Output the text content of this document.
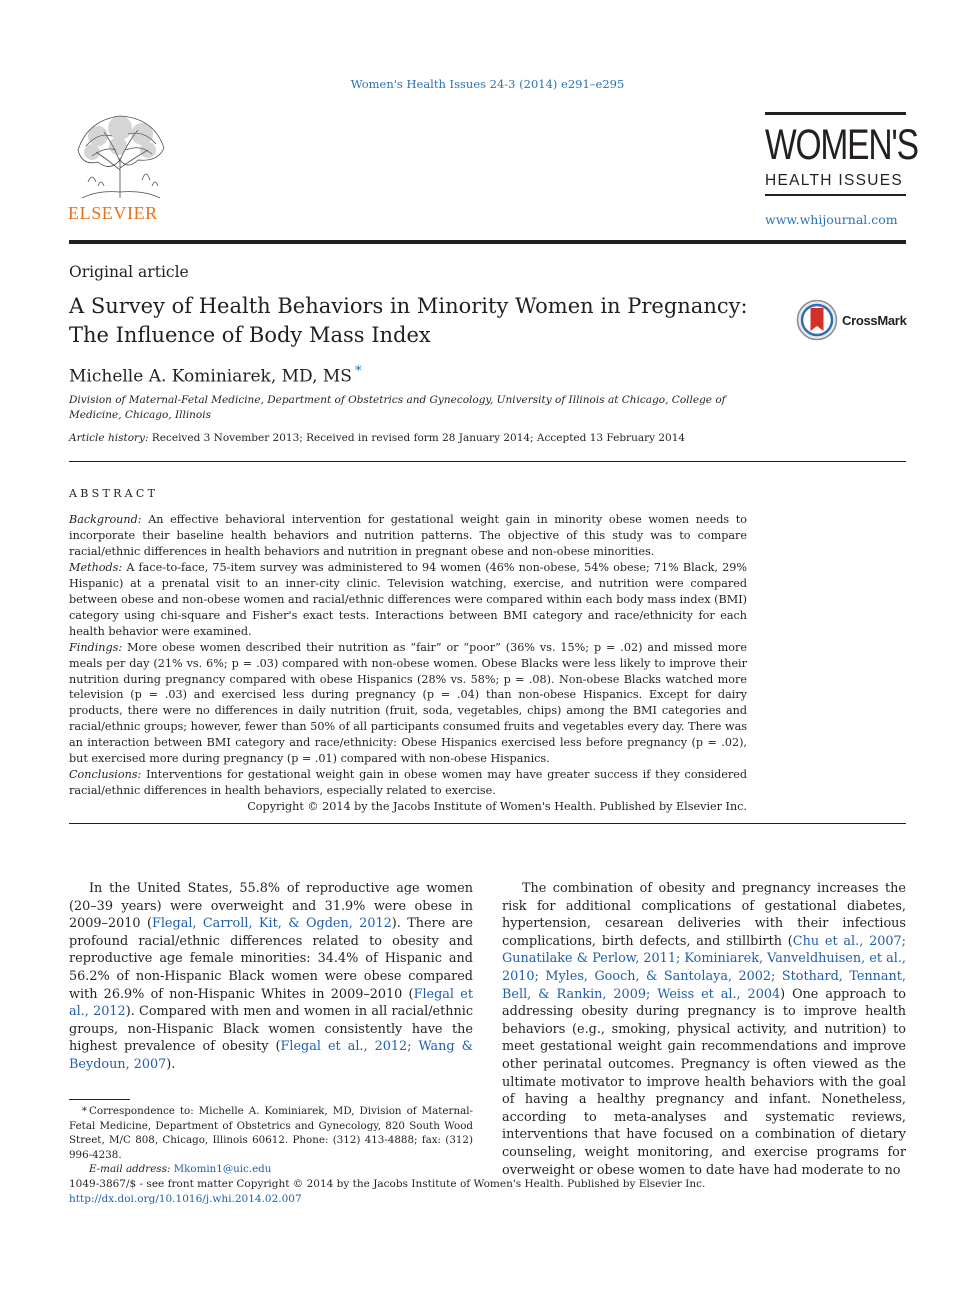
Women's Health Issues 24-3 (2014) e291–e295
ELSEVIER
WOMEN'S
HEALTH ISSUES
www.whijournal.com
Original article
A Survey of Health Behaviors in Minority Women in Pregnancy:
The Influence of Body Mass Index
CrossMark
Michelle A. Kominiarek, MD, MS *
Division of Maternal-Fetal Medicine, Department of Obstetrics and Gynecology, University of Illinois at Chicago, College of Medicine, Chicago, Illinois
Article history: Received 3 November 2013; Received in revised form 28 January 2014; Accepted 13 February 2014
ABSTRACT

Background: An effective behavioral intervention for gestational weight gain in minority obese women needs to incorporate their baseline health behaviors and nutrition patterns. The objective of this study was to compare racial/ethnic differences in health behaviors and nutrition in pregnant obese and non-obese minorities.

Methods: A face-to-face, 75-item survey was administered to 94 women (46% non-obese, 54% obese; 71% Black, 29% Hispanic) at a prenatal visit to an inner-city clinic. Television watching, exercise, and nutrition were compared between obese and non-obese women and racial/ethnic differences were compared within each body mass index (BMI) category using chi-square and Fisher's exact tests. Interactions between BMI category and race/ethnicity for each health behavior were examined.

Findings: More obese women described their nutrition as “fair” or “poor” (36% vs. 15%; p = .02) and missed more meals per day (21% vs. 6%; p = .03) compared with non-obese women. Obese Blacks were less likely to improve their nutrition during pregnancy compared with obese Hispanics (28% vs. 58%; p = .08). Non-obese Blacks watched more television (p = .03) and exercised less during pregnancy (p = .04) than non-obese Hispanics. Except for dairy products, there were no differences in daily nutrition (fruit, soda, vegetables, chips) among the BMI categories and racial/ethnic groups; however, fewer than 50% of all participants consumed fruits and vegetables every day. There was an interaction between BMI category and race/ethnicity: Obese Hispanics exercised less before pregnancy (p = .02), but exercised more during pregnancy (p = .01) compared with non-obese Hispanics.

Conclusions: Interventions for gestational weight gain in obese women may have greater success if they considered racial/ethnic differences in health behaviors, especially related to exercise.

Copyright © 2014 by the Jacobs Institute of Women's Health. Published by Elsevier Inc.

In the United States, 55.8% of reproductive age women (20–39 years) were overweight and 31.9% were obese in 2009–2010 (Flegal, Carroll, Kit, & Ogden, 2012). There are profound racial/ethnic differences related to obesity and reproductive age female minorities: 34.4% of Hispanic and 56.2% of non-Hispanic Black women were obese compared with 26.9% of non-Hispanic Whites in 2009–2010 (Flegal et al., 2012). Compared with men and women in all racial/ethnic groups, non-Hispanic Black women consistently have the highest prevalence of obesity (Flegal et al., 2012; Wang & Beydoun, 2007).

The combination of obesity and pregnancy increases the risk for additional complications of gestational diabetes, hypertension, cesarean deliveries with their infectious complications, birth defects, and stillbirth (Chu et al., 2007; Gunatilake & Perlow, 2011; Kominiarek, Vanveldhuisen, et al., 2010; Myles, Gooch, & Santolaya, 2002; Stothard, Tennant, Bell, & Rankin, 2009; Weiss et al., 2004) One approach to addressing obesity during pregnancy is to improve health behaviors (e.g., smoking, physical activity, and nutrition) to meet gestational weight gain recommendations and improve other perinatal outcomes. Pregnancy is often viewed as the ultimate motivator to improve health behaviors with the goal of having a healthy pregnancy and infant. Nonetheless, according to meta-analyses and systematic reviews, interventions that have focused on a combination of dietary counseling, weight monitoring, and exercise programs for overweight or obese women to date have had moderate to no

* Correspondence to: Michelle A. Kominiarek, MD, Division of Maternal-Fetal Medicine, Department of Obstetrics and Gynecology, 820 South Wood Street, M/C 808, Chicago, Illinois 60612. Phone: (312) 413-4888; fax: (312) 996-4238.

E-mail address: Mkomin1@uic.edu

1049-3867/$ - see front matter Copyright © 2014 by the Jacobs Institute of Women's Health. Published by Elsevier Inc.

http://dx.doi.org/10.1016/j.whi.2014.02.007
